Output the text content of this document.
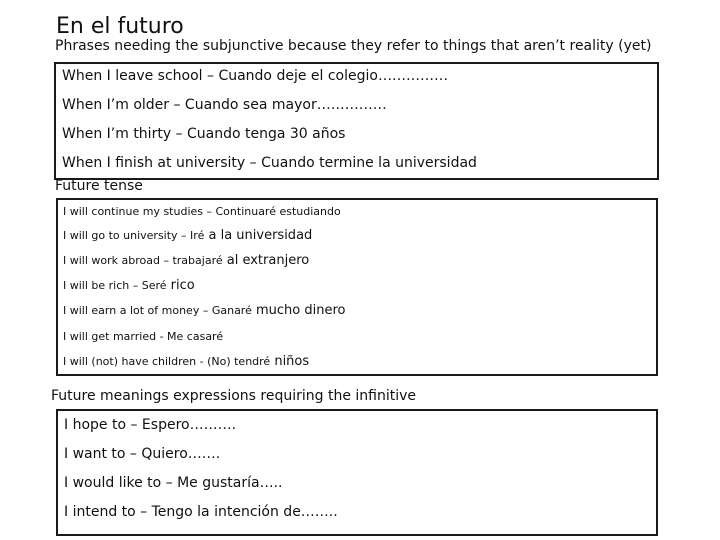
En el futuro
Phrases needing the subjunctive because they refer to things that aren’t reality (yet)
When I leave school – Cuando deje el colegio……………
When I’m older – Cuando sea mayor……………
When I’m thirty – Cuando tenga 30 años
When I finish at university – Cuando termine la universidad
Future tense
I will continue my studies – Continuaré estudiando
I will go to university – Iré a la universidad
I will work abroad – trabajaré al extranjero
I will be rich – Seré rico
I will earn a lot of money – Ganaré mucho dinero
I will get married - Me casaré
I will (not) have children - (No) tendré niños
Future meanings expressions requiring the infinitive
I hope to – Espero……….
I want to – Quiero…….
I would like to – Me gustaría…..
I intend to – Tengo la intención de……..
